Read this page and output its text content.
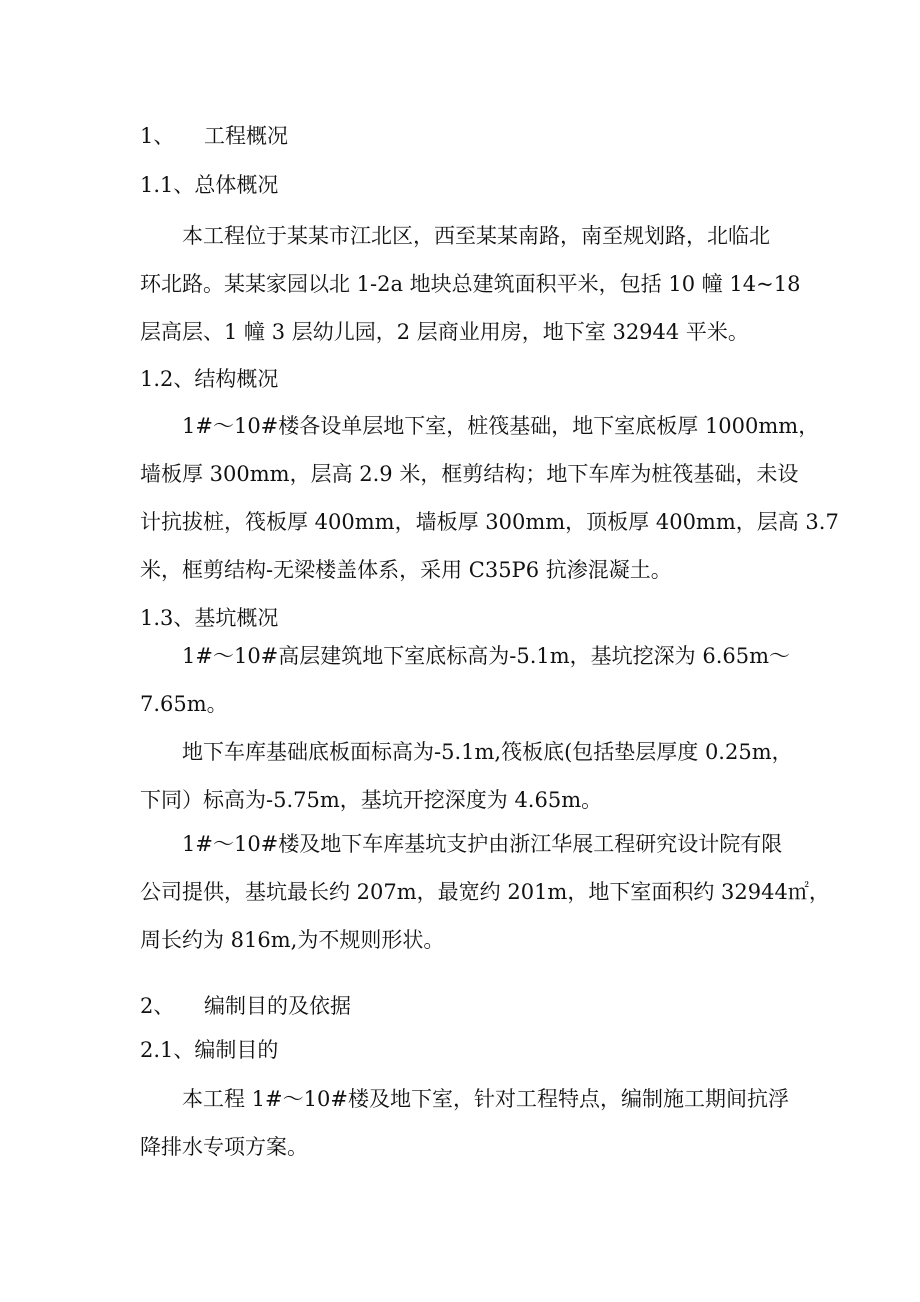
1、 工程概况
1.1、总体概况
本工程位于某某市江北区，西至某某南路，南至规划路，北临北
环北路。某某家园以北 1-2a 地块总建筑面积平米，包括 10 幢 14~18
层高层、1 幢 3 层幼儿园，2 层商业用房，地下室 32944 平米。
1.2、结构概况
1#～10#楼各设单层地下室，桩筏基础，地下室底板厚 1000mm，
墙板厚 300mm，层高 2.9 米，框剪结构；地下车库为桩筏基础，未设
计抗拔桩，筏板厚 400mm，墙板厚 300mm，顶板厚 400mm，层高 3.7
米，框剪结构-无梁楼盖体系，采用 C35P6 抗渗混凝土。
1.3、基坑概况
1#～10#高层建筑地下室底标高为-5.1m，基坑挖深为 6.65m～
7.65m。
地下车库基础底板面标高为-5.1m,筏板底(包括垫层厚度 0.25m，
下同）标高为-5.75m，基坑开挖深度为 4.65m。
1#～10#楼及地下车库基坑支护由浙江华展工程研究设计院有限
公司提供，基坑最长约 207m，最宽约 201m，地下室面积约 32944㎡，
周长约为 816m,为不规则形状。
2、 编制目的及依据
2.1、编制目的
本工程 1#～10#楼及地下室，针对工程特点，编制施工期间抗浮
降排水专项方案。
